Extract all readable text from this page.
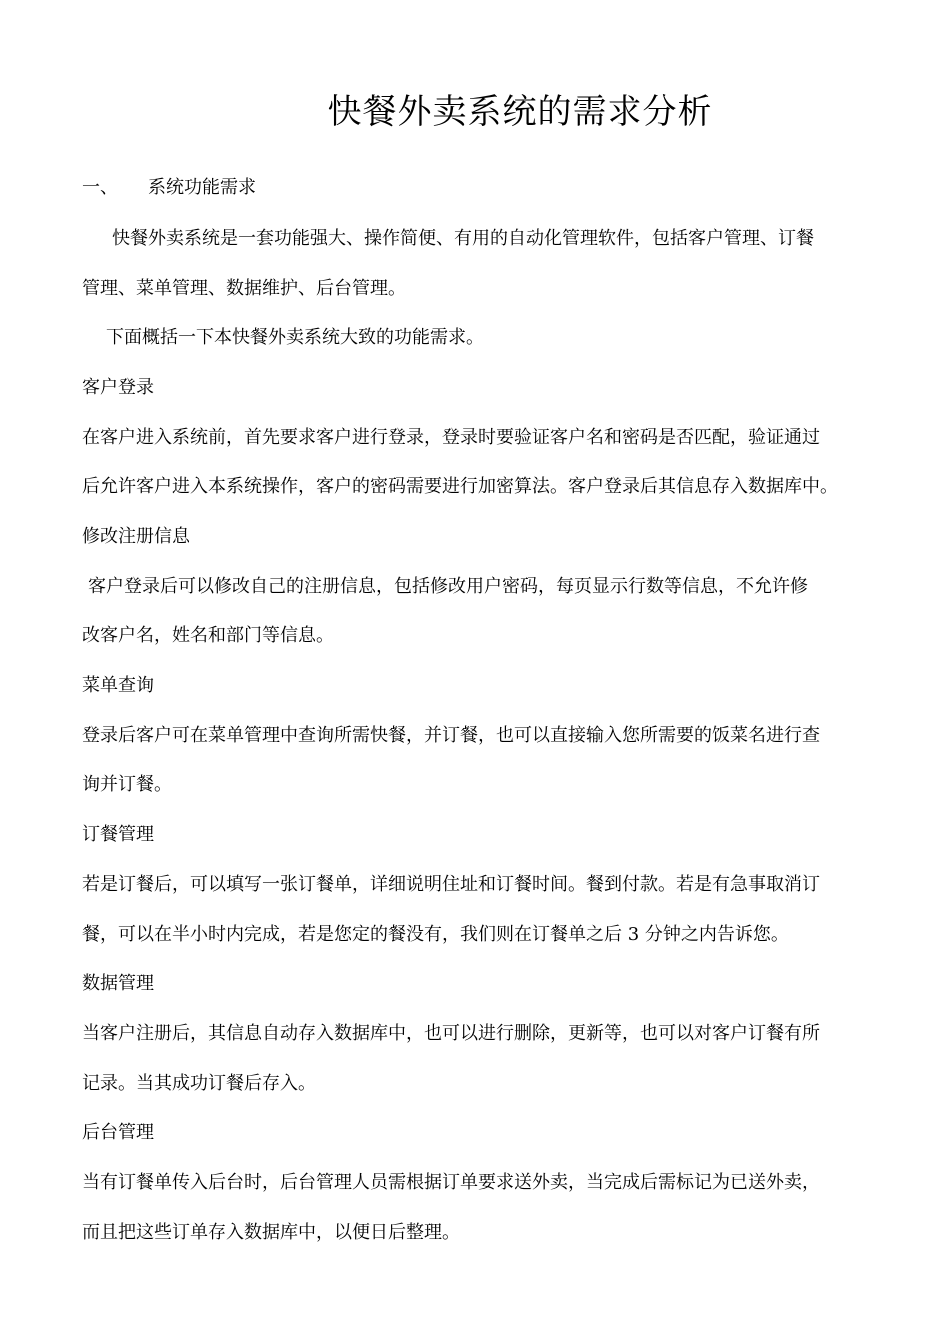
快餐外卖系统的需求分析
一、 系统功能需求
快餐外卖系统是一套功能强大、操作简便、有用的自动化管理软件，包括客户管理、订餐
管理、菜单管理、数据维护、后台管理。
下面概括一下本快餐外卖系统大致的功能需求。
客户登录
在客户进入系统前，首先要求客户进行登录，登录时要验证客户名和密码是否匹配，验证通过
后允许客户进入本系统操作，客户的密码需要进行加密算法。客户登录后其信息存入数据库中。
修改注册信息
客户登录后可以修改自己的注册信息，包括修改用户密码，每页显示行数等信息，不允许修
改客户名，姓名和部门等信息。
菜单查询
登录后客户可在菜单管理中查询所需快餐，并订餐，也可以直接输入您所需要的饭菜名进行查
询并订餐。
订餐管理
若是订餐后，可以填写一张订餐单，详细说明住址和订餐时间。餐到付款。若是有急事取消订
餐，可以在半小时内完成，若是您定的餐没有，我们则在订餐单之后 3 分钟之内告诉您。
数据管理
当客户注册后，其信息自动存入数据库中，也可以进行删除，更新等，也可以对客户订餐有所
记录。当其成功订餐后存入。
后台管理
当有订餐单传入后台时，后台管理人员需根据订单要求送外卖，当完成后需标记为已送外卖，
而且把这些订单存入数据库中，以便日后整理。
